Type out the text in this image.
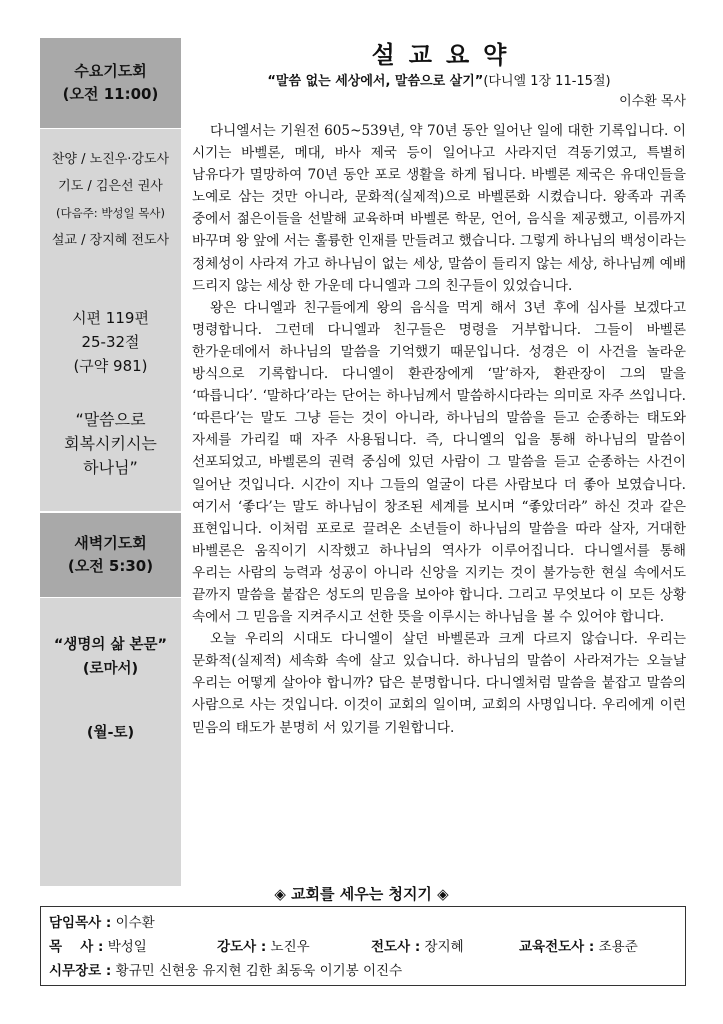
수요기도회
(오전 11:00)
찬양 / 노진우·강도사
기도 / 김은선 권사
(다음주: 박성일 목사)
설교 / 장지혜 전도사
시편 119편
25-32절
(구약 981)
“말씀으로
회복시키시는
하나님”
새벽기도회
(오전 5:30)
“생명의 삶 본문”
(로마서)
(월-토)
설교요약
“말씀 없는 세상에서, 말씀으로 살기”(다니엘 1장 11-15절)
이수환 목사

다니엘서는 기원전 605~539년, 약 70년 동안 일어난 일에 대한 기록입니다. 이 시기는 바벨론, 메대, 바사 제국 등이 일어나고 사라지던 격동기였고, 특별히 남유다가 멸망하여 70년 동안 포로 생활을 하게 됩니다. 바벨론 제국은 유대인들을 노예로 삼는 것만 아니라, 문화적(실제적)으로 바벨론화 시켰습니다. 왕족과 귀족 중에서 젊은이들을 선발해 교육하며 바벨론 학문, 언어, 음식을 제공했고, 이름까지 바꾸며 왕 앞에 서는 훌륭한 인재를 만들려고 했습니다. 그렇게 하나님의 백성이라는 정체성이 사라져 가고 하나님이 없는 세상, 말씀이 들리지 않는 세상, 하나님께 예배 드리지 않는 세상 한 가운데 다니엘과 그의 친구들이 있었습니다.

왕은 다니엘과 친구들에게 왕의 음식을 먹게 해서 3년 후에 심사를 보겠다고 명령합니다. 그런데 다니엘과 친구들은 명령을 거부합니다. 그들이 바벨론 한가운데에서 하나님의 말씀을 기억했기 때문입니다. 성경은 이 사건을 놀라운 방식으로 기록합니다. 다니엘이 환관장에게 ‘말’하자, 환관장이 그의 말을 ‘따릅니다’. ‘말하다’라는 단어는 하나님께서 말씀하시다라는 의미로 자주 쓰입니다. ‘따른다’는 말도 그냥 듣는 것이 아니라, 하나님의 말씀을 듣고 순종하는 태도와 자세를 가리킬 때 자주 사용됩니다. 즉, 다니엘의 입을 통해 하나님의 말씀이 선포되었고, 바벨론의 권력 중심에 있던 사람이 그 말씀을 듣고 순종하는 사건이 일어난 것입니다. 시간이 지나 그들의 얼굴이 다른 사람보다 더 좋아 보였습니다. 여기서 ‘좋다’는 말도 하나님이 창조된 세계를 보시며 “좋았더라” 하신 것과 같은 표현입니다. 이처럼 포로로 끌려온 소년들이 하나님의 말씀을 따라 살자, 거대한 바벨론은 움직이기 시작했고 하나님의 역사가 이루어집니다. 다니엘서를 통해 우리는 사람의 능력과 성공이 아니라 신앙을 지키는 것이 불가능한 현실 속에서도 끝까지 말씀을 붙잡은 성도의 믿음을 보아야 합니다. 그리고 무엇보다 이 모든 상황 속에서 그 믿음을 지켜주시고 선한 뜻을 이루시는 하나님을 볼 수 있어야 합니다.

오늘 우리의 시대도 다니엘이 살던 바벨론과 크게 다르지 않습니다. 우리는 문화적(실제적) 세속화 속에 살고 있습니다. 하나님의 말씀이 사라져가는 오늘날 우리는 어떻게 살아야 합니까? 답은 분명합니다. 다니엘처럼 말씀을 붙잡고 말씀의 사람으로 사는 것입니다. 이것이 교회의 일이며, 교회의 사명입니다. 우리에게 이런 믿음의 태도가 분명히 서 있기를 기원합니다.

◈ 교회를 세우는 청지기 ◈
담임목사 : 이수환
목　 사 : 박성일	강도사 : 노진우	전도사 : 장지혜	교육전도사 : 조용준
시무장로 : 황규민 신현웅 유지현 김한 최동욱 이기봉 이진수
